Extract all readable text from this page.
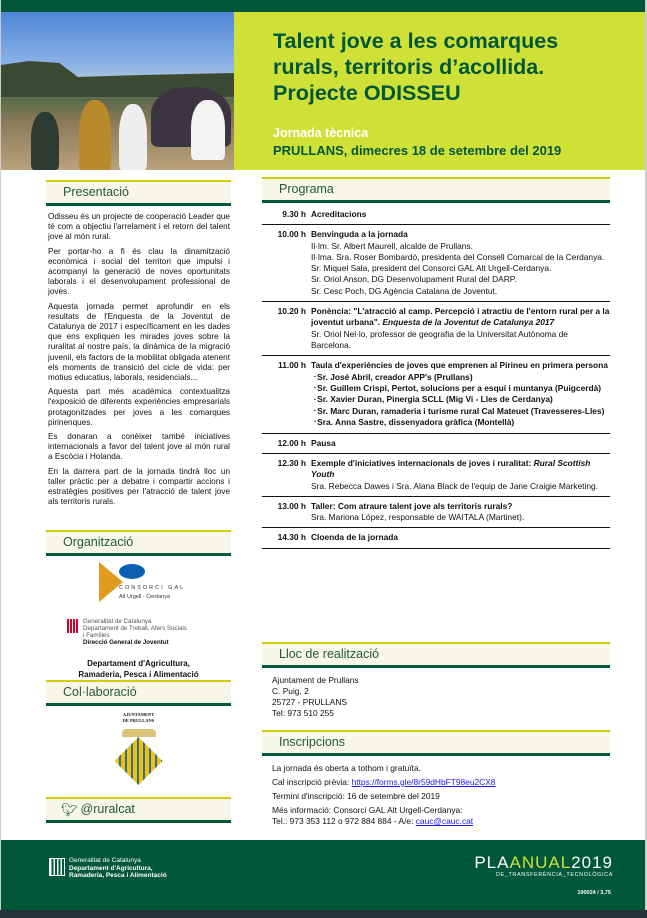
Talent jove a les comarques
rurals, territoris d’acollida.
Projecte ODISSEU
Jornada tècnica
PRULLANS, dimecres 18 de setembre del 2019
Presentació

Odisseu és un projecte de cooperació Leader que té com a objectiu l'arrelament i el retorn del talent jove al món rural.

Per portar-ho a fi és clau la dinamització econòmica i social del territori que impulsi i acompanyi la generació de noves oportunitats laborals i el desenvolupament professional de joves.

Aquesta jornada permet aprofundir en els resultats de l'Enquesta de la Joventut de Catalunya de 2017 i específicament en les dades que ens expliquen les mirades joves sobre la ruralitat al nostre país, la dinàmica de la migració juvenil, els factors de la mobilitat obligada atenent els moments de transició del cicle de vida: per motius educatius, laborals, residencials...

Aquesta part més acadèmica contextualitza l'exposició de diferents experiències empresarials protagonitzades per joves a les comarques pirinenques.

Es donaran a conèixer també iniciatives internacionals a favor del talent jove al món rural a Escòcia i Holanda.

En la darrera part de la jornada tindrà lloc un taller pràctic per a debatre i compartir accions i estratègies positives per l'atracció de talent jove als territoris rurals.

Organització
CONSORCI GAL
Alt Urgell - Cerdanya
Generalitat de Catalunya
Departament de Treball, Afers Socials
i Famílies
Direcció General de Joventut
Departament d'Agricultura,
Ramaderia, Pesca i Alimentació
Col·laboració
AJUNTAMENT
DE PRULLANS
🐦︎ @ruralcat
Programa
9.30 h Acreditacions
10.00 h Benvinguda a la jornada
Il·lm. Sr. Albert Maurell, alcalde de Prullans.
Il·lma. Sra. Roser Bombardó, presidenta del Consell Comarcal de la Cerdanya.
Sr. Miquel Sala, president del Consorci GAL Alt Urgell-Cerdanya.
Sr. Oriol Anson, DG Desenvolupament Rural del DARP.
Sr. Cesc Poch, DG Agència Catalana de Joventut.
10.20 h Ponència: "L'atracció al camp. Percepció i atractiu de l'entorn rural per a la joventut urbana". Enquesta de la Joventut de Catalunya 2017
Sr. Oriol Nel·lo, professor de geografia de la Universitat Autònoma de Barcelona.
11.00 h Taula d'experiències de joves que emprenen al Pirineu en primera persona
▪ Sr. José Abril, creador APP's (Prullans)
▪ Sr. Guillem Crispí, Pertot, solucions per a esquí i muntanya (Puigcerdà)
▪ Sr. Xavier Duran, Pinergia SCLL (Mig Vi - Lles de Cerdanya)
▪ Sr. Marc Duran, ramaderia i turisme rural Cal Mateuet (Travesseres-Lles)
▪ Sra. Anna Sastre, dissenyadora gràfica (Montellà)
12.00 h Pausa
12.30 h Exemple d'iniciatives internacionals de joves i ruralitat: Rural Scottish Youth
Sra. Rebecca Dawes i Sra. Alana Black de l'equip de Jane Craigie Marketing.
13.00 h Taller: Com atraure talent jove als territoris rurals?
Sra. Mariona López, responsable de WAITALA (Martinet).
14.30 h Cloenda de la jornada
Lloc de realització
Ajuntament de Prullans
C. Puig, 2
25727 - PRULLANS
Tel: 973 510 255
Inscripcions

La jornada és oberta a tothom i gratuïta.

Cal inscripció prèvia: https://forms.gle/8r59dHbFT98eu2CX8

Termini d'inscripció: 16 de setembre del 2019

Més informació: Consorci GAL Alt Urgell-Cerdanya:
Tel.: 973 353 112 o 972 884 884 - A/e: cauc@cauc.cat
Generalitat de Catalunya
Departament d'Agricultura,
Ramaderia, Pesca i Alimentació
PLAANUAL2019
DE_TRANSFERÈNCIA_TECNOLÒGICA
190024 / 3,75
